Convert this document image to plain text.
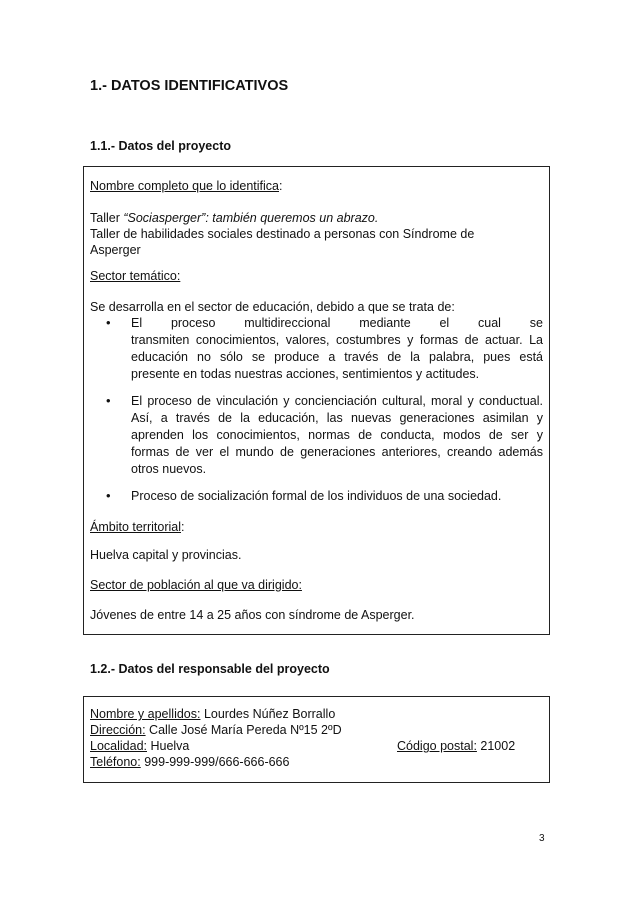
1.- DATOS IDENTIFICATIVOS
1.1.- Datos del proyecto
Nombre completo que lo identifica:
Taller “Sociasperger”: también queremos un abrazo.
Taller de habilidades sociales destinado a personas con Síndrome de
Asperger
Sector temático:
Se desarrolla en el sector de educación, debido a que se trata de:
• El proceso multidireccional mediante el cual se
transmiten conocimientos, valores, costumbres y formas de actuar. La
educación no sólo se produce a través de la palabra, pues está
presente en todas nuestras acciones, sentimientos y actitudes.
• El proceso de vinculación y concienciación cultural, moral y conductual.
Así, a través de la educación, las nuevas generaciones asimilan y
aprenden los conocimientos, normas de conducta, modos de ser y
formas de ver el mundo de generaciones anteriores, creando además
otros nuevos.
• Proceso de socialización formal de los individuos de una sociedad.
Ámbito territorial:
Huelva capital y provincias.
Sector de población al que va dirigido:
Jóvenes de entre 14 a 25 años con síndrome de Asperger.
1.2.- Datos del responsable del proyecto
Nombre y apellidos: Lourdes Núñez Borrallo
Dirección: Calle José María Pereda Nº15 2ºD
Localidad: Huelva	Código postal: 21002
Teléfono: 999-999-999/666-666-666
3
